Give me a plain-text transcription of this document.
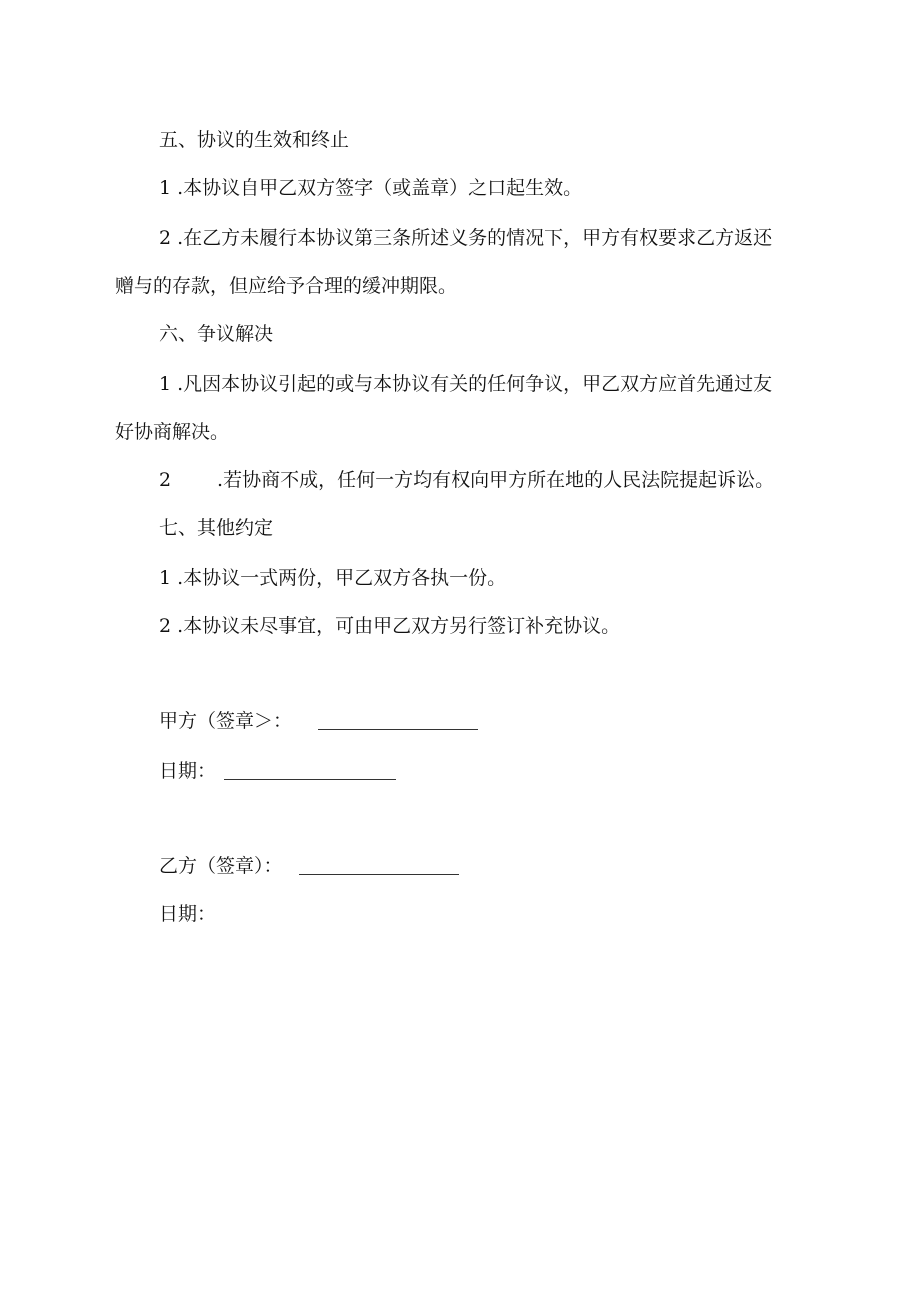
五、协议的生效和终止
1 .本协议自甲乙双方签字（或盖章）之口起生效。
2 .在乙方未履行本协议第三条所述义务的情况下，甲方有权要求乙方返还
赠与的存款，但应给予合理的缓冲期限。
六、争议解决
1 .凡因本协议引起的或与本协议有关的任何争议，甲乙双方应首先通过友
好协商解决。
2 .若协商不成，任何一方均有权向甲方所在地的人民法院提起诉讼。
七、其他约定
1 .本协议一式两份，甲乙双方各执一份。
2 .本协议未尽事宜，可由甲乙双方另行签订补充协议。
甲方（签章＞：
日期：
乙方（签章）：
日期：
